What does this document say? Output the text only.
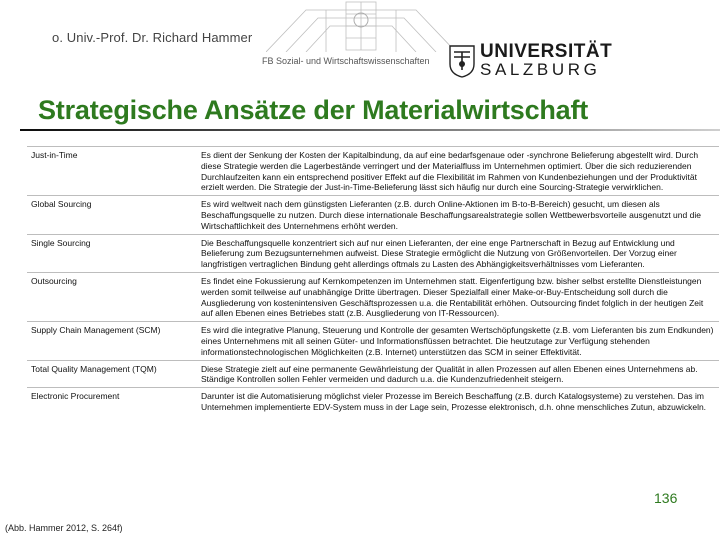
o. Univ.-Prof. Dr. Richard Hammer
FB Sozial- und Wirtschaftswissenschaften	UNIVERSITÄT
SALZBURG
Strategische Ansätze der Materialwirtschaft
Just-in-Time	Es dient der Senkung der Kosten der Kapitalbindung, da auf eine bedarfsgenaue oder -synchrone Belieferung abgestellt wird. Durch diese Strategie werden die Lagerbestände verringert und der Materialfluss im Unternehmen optimiert. Über die sich reduzierenden Durchlaufzeiten kann ein entsprechend positiver Effekt auf die Flexibilität im Rahmen von Kundenbeziehungen und der Produktivität erzielt werden. Die Strategie der Just-in-Time-Belieferung lässt sich häufig nur durch eine Sourcing-Strategie verwirklichen.
Global Sourcing	Es wird weltweit nach dem günstigsten Lieferanten (z.B. durch Online-Aktionen im B-to-B-Bereich) gesucht, um diesen als Beschaffungsquelle zu nutzen. Durch diese internationale Beschaffungsarealstrategie sollen Wettbewerbsvorteile ausgenutzt und die Wirtschaftlichkeit des Unternehmens erhöht werden.
Single Sourcing	Die Beschaffungsquelle konzentriert sich auf nur einen Lieferanten, der eine enge Partnerschaft in Bezug auf Entwicklung und Belieferung zum Bezugsunternehmen aufweist. Diese Strategie ermöglicht die Nutzung von Größenvorteilen. Der Vorzug einer langfristigen vertraglichen Bindung geht allerdings oftmals zu Lasten des Abhängigkeitsverhältnisses vom Lieferanten.
Outsourcing	Es findet eine Fokussierung auf Kernkompetenzen im Unternehmen statt. Eigenfertigung bzw. bisher selbst erstellte Dienstleistungen werden somit teilweise auf unabhängige Dritte übertragen. Dieser Spezialfall einer Make-or-Buy-Entscheidung soll durch die Ausgliederung von kostenintensiven Geschäftsprozessen u.a. die Rentabilität erhöhen. Outsourcing findet folglich in der heutigen Zeit auf allen Ebenen eines Betriebes statt (z.B. Ausgliederung von IT-Ressourcen).
Supply Chain Management (SCM)	Es wird die integrative Planung, Steuerung und Kontrolle der gesamten Wertschöpfungskette (z.B. vom Lieferanten bis zum Endkunden) eines Unternehmens mit all seinen Güter- und Informationsflüssen betrachtet. Die heutzutage zur Verfügung stehenden informationstechnologischen Möglichkeiten (z.B. Internet) unterstützen das SCM in seiner Effektivität.
Total Quality Management (TQM)	Diese Strategie zielt auf eine permanente Gewährleistung der Qualität in allen Prozessen auf allen Ebenen eines Unternehmens ab. Ständige Kontrollen sollen Fehler vermeiden und dadurch u.a. die Kundenzufriedenheit steigern.
Electronic Procurement	Darunter ist die Automatisierung möglichst vieler Prozesse im Bereich Beschaffung (z.B. durch Katalogsysteme) zu verstehen. Das im Unternehmen implementierte EDV-System muss in der Lage sein, Prozesse elektronisch, d.h. ohne menschliches Zutun, abzuwickeln.
136
(Abb. Hammer 2012, S. 264f)
